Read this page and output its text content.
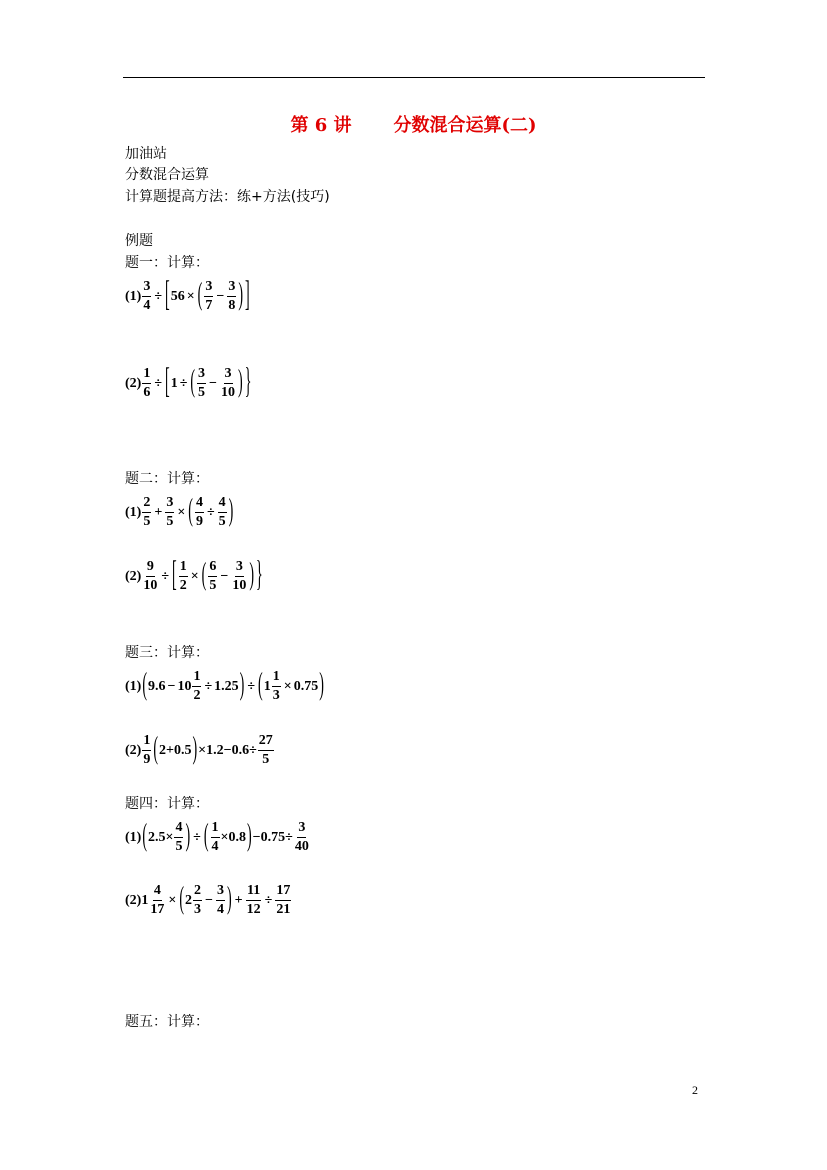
第 6 讲 分数混合运算(二)
加油站
分数混合运算
计算题提高方法：练+方法(技巧)
例题
题一：计算：
$(1) \frac{3}{4}$ ÷ [ 56 × ( $\frac{3}{7} - \frac{3}{8}$ ) ]
$(2) \frac{1}{6}$ ÷ [ 1 ÷ ( $\frac{3}{5} - \frac{3}{10}$ ) }
题二：计算：
$(1) \frac{2}{5} + \frac{3}{5}$ × ( $\frac{4}{9} \div \frac{4}{5}$ )
$(2) \frac{9}{10}$ ÷ [ $\frac{1}{2}$ × ( $\frac{6}{5} - \frac{3}{10}$ ) }
题三：计算：
(1) ( $9.6 - 10 \frac{1}{2} \div 1.25$ ) ÷ ( $1 \frac{1}{3} \times 0.75$ )
$(2) \frac{1}{9}$ ( 2+0.5 ) $\times 1.2-0.6\div \frac{27}{5}$
题四：计算：
(1) ( $2.5\times \frac{4}{5}$ ) ÷ ( $\frac{1}{4} \times 0.8$ ) $-0.75\div \frac{3}{40}$
(2) $1 \frac{4}{17}$ × ( $2 \frac{2}{3} - \frac{3}{4}$ ) + $\frac{11}{12} \div \frac{17}{21}$
题五：计算：
2
